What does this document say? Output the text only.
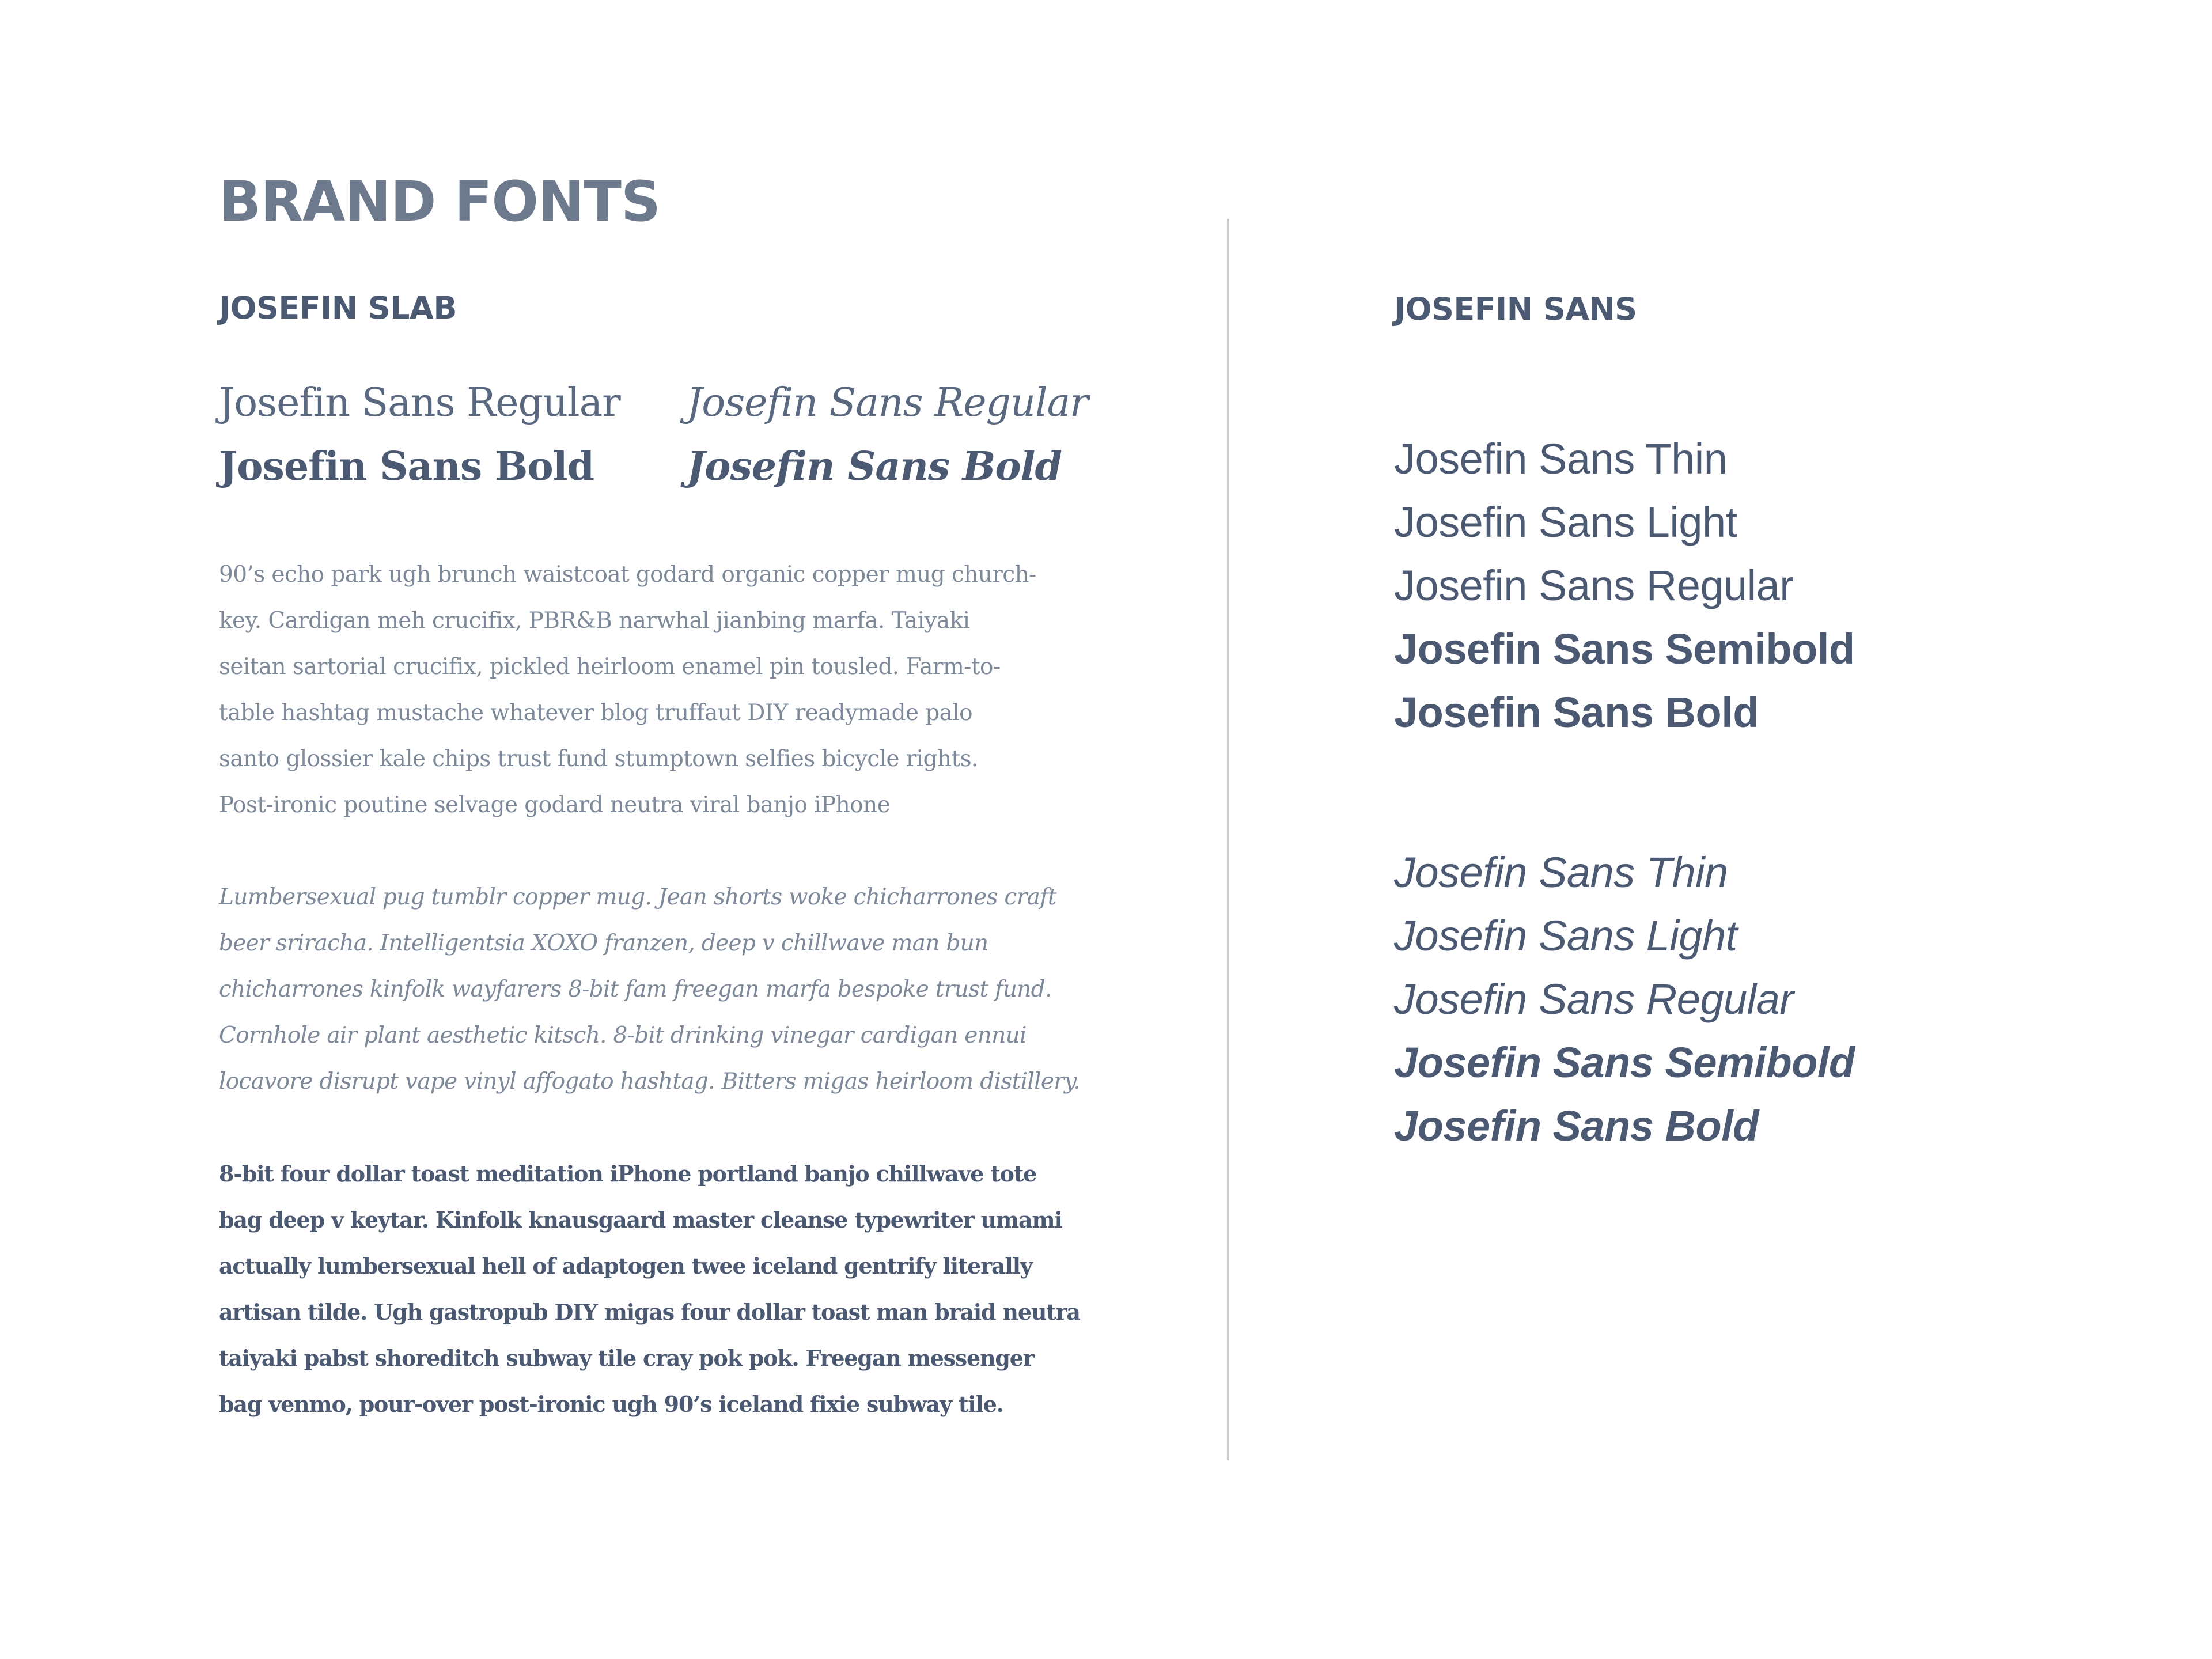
BRAND FONTS
JOSEFIN SLAB

Josefin Sans Regular

Josefin Sans Bold

Josefin Sans Regular

Josefin Sans Bold

90’s echo park ugh brunch waistcoat godard organic copper mug church-
key. Cardigan meh crucifix, PBR&B narwhal jianbing marfa. Taiyaki
seitan sartorial crucifix, pickled heirloom enamel pin tousled. Farm-to-
table hashtag mustache whatever blog truffaut DIY readymade palo
santo glossier kale chips trust fund stumptown selfies bicycle rights.
Post-ironic poutine selvage godard neutra viral banjo iPhone
Lumbersexual pug tumblr copper mug. Jean shorts woke chicharrones craft
beer sriracha. Intelligentsia XOXO franzen, deep v chillwave man bun
chicharrones kinfolk wayfarers 8-bit fam freegan marfa bespoke trust fund.
Cornhole air plant aesthetic kitsch. 8-bit drinking vinegar cardigan ennui
locavore disrupt vape vinyl affogato hashtag. Bitters migas heirloom distillery.
8-bit four dollar toast meditation iPhone portland banjo chillwave tote
bag deep v keytar. Kinfolk knausgaard master cleanse typewriter umami
actually lumbersexual hell of adaptogen twee iceland gentrify literally
artisan tilde. Ugh gastropub DIY migas four dollar toast man braid neutra
taiyaki pabst shoreditch subway tile cray pok pok. Freegan messenger
bag venmo, pour-over post-ironic ugh 90’s iceland fixie subway tile.
JOSEFIN SANS
Josefin Sans Thin
Josefin Sans Light
Josefin Sans Regular
Josefin Sans Semibold
Josefin Sans Bold
Josefin Sans Thin
Josefin Sans Light
Josefin Sans Regular
Josefin Sans Semibold
Josefin Sans Bold
